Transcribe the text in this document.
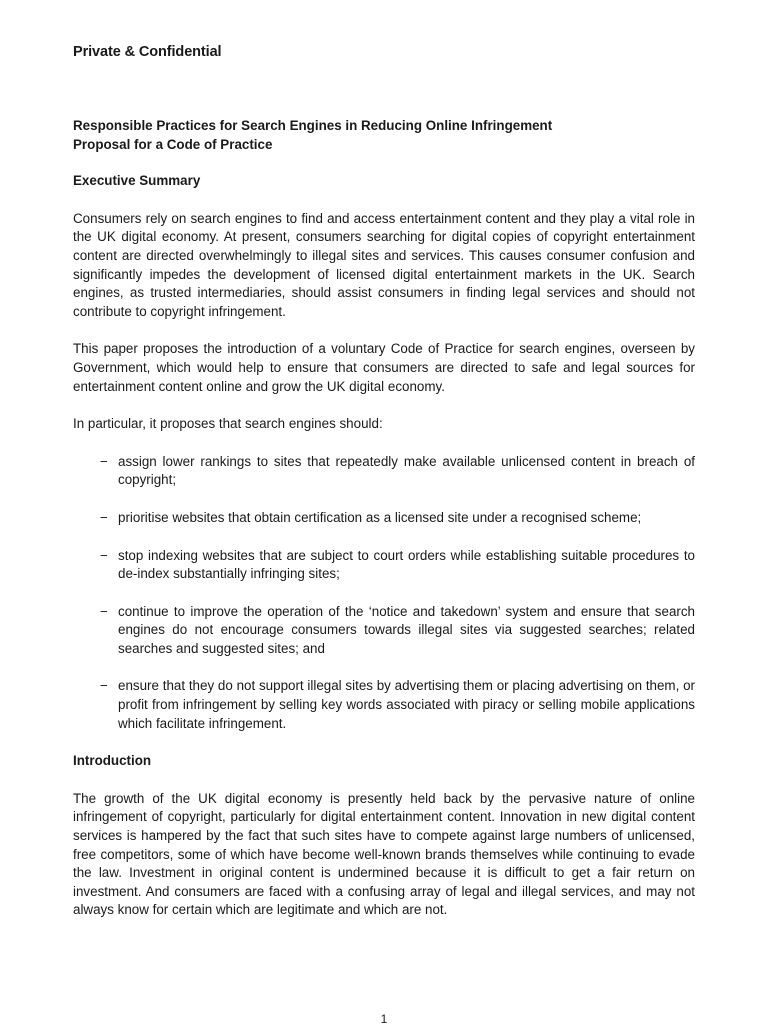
Private & Confidential

Responsible Practices for Search Engines in Reducing Online Infringement

Proposal for a Code of Practice

Executive Summary

Consumers rely on search engines to find and access entertainment content and they play a vital role in the UK digital economy. At present, consumers searching for digital copies of copyright entertainment content are directed overwhelmingly to illegal sites and services. This causes consumer confusion and significantly impedes the development of licensed digital entertainment markets in the UK. Search engines, as trusted intermediaries, should assist consumers in finding legal services and should not contribute to copyright infringement.

This paper proposes the introduction of a voluntary Code of Practice for search engines, overseen by Government, which would help to ensure that consumers are directed to safe and legal sources for entertainment content online and grow the UK digital economy.

In particular, it proposes that search engines should:

− assign lower rankings to sites that repeatedly make available unlicensed content in breach of copyright;
− prioritise websites that obtain certification as a licensed site under a recognised scheme;
− stop indexing websites that are subject to court orders while establishing suitable procedures to de-index substantially infringing sites;
− continue to improve the operation of the ‘notice and takedown’ system and ensure that search engines do not encourage consumers towards illegal sites via suggested searches; related searches and suggested sites; and
− ensure that they do not support illegal sites by advertising them or placing advertising on them, or profit from infringement by selling key words associated with piracy or selling mobile applications which facilitate infringement.

Introduction

The growth of the UK digital economy is presently held back by the pervasive nature of online infringement of copyright, particularly for digital entertainment content. Innovation in new digital content services is hampered by the fact that such sites have to compete against large numbers of unlicensed, free competitors, some of which have become well-known brands themselves while continuing to evade the law. Investment in original content is undermined because it is difficult to get a fair return on investment. And consumers are faced with a confusing array of legal and illegal services, and may not always know for certain which are legitimate and which are not.

1
